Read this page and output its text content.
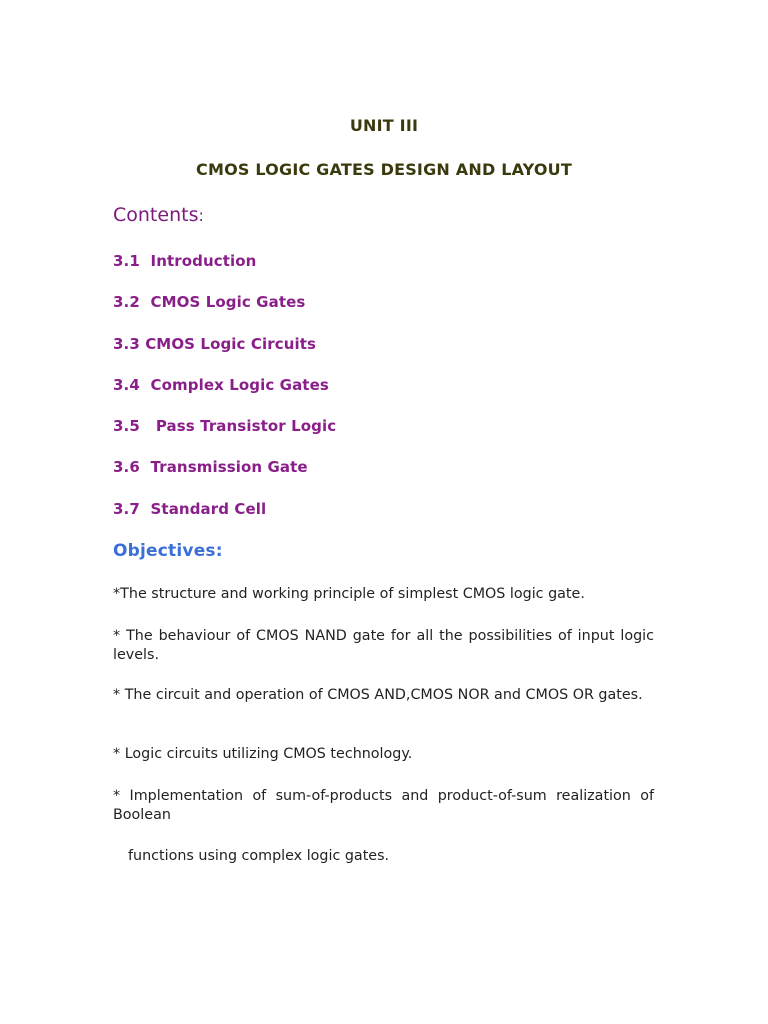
UNIT III
CMOS LOGIC GATES DESIGN AND LAYOUT
Contents:
3.1  Introduction
3.2  CMOS Logic Gates
3.3 CMOS Logic Circuits
3.4  Complex Logic Gates
3.5   Pass Transistor Logic
3.6  Transmission Gate
3.7  Standard Cell
Objectives:
*The structure and working principle of simplest CMOS logic gate.
* The behaviour of CMOS NAND gate for all the possibilities of input logic levels.
* The circuit and operation of CMOS AND,CMOS NOR and CMOS OR gates.
* Logic circuits utilizing CMOS technology.
* Implementation of sum-of-products and product-of-sum realization of Boolean
functions using complex logic gates.
